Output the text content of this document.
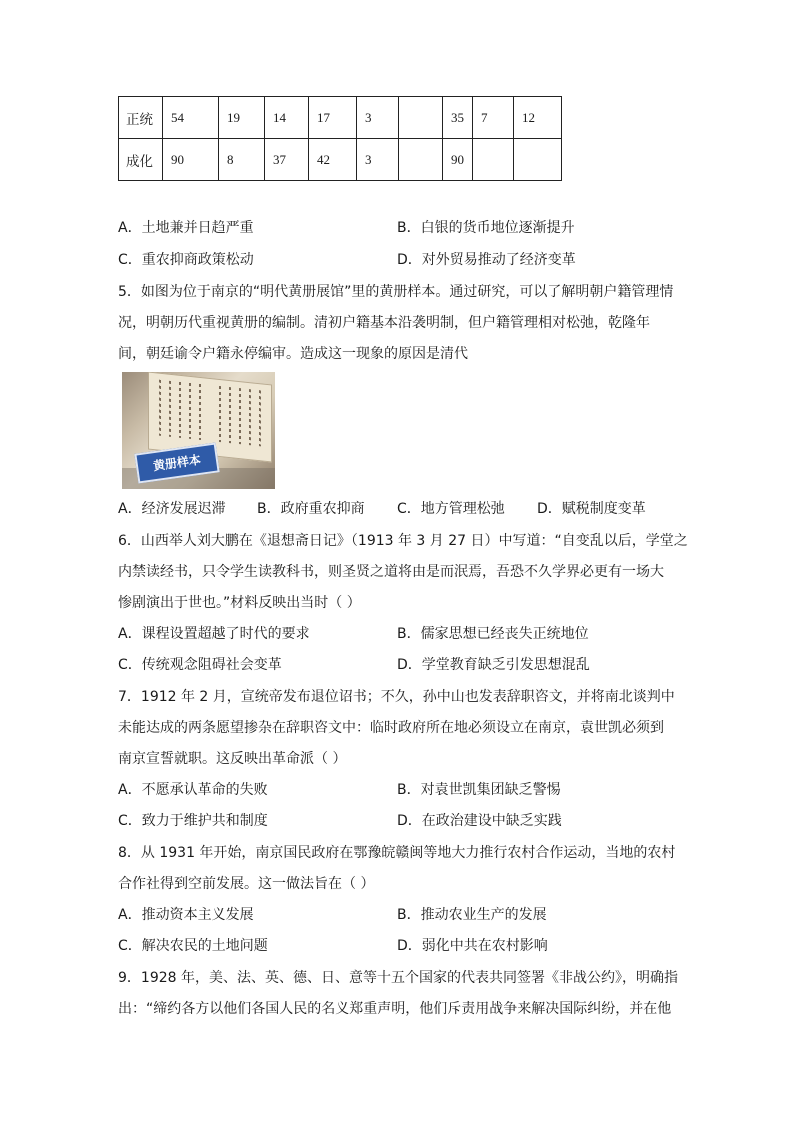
正统	54	19	14	17	3		35	7	12
成化	90	8	37	42	3		90		
A．土地兼并日趋严重	B．白银的货币地位逐渐提升
C．重农抑商政策松动	D．对外贸易推动了经济变革
5．如图为位于南京的“明代黄册展馆”里的黄册样本。通过研究，可以了解明朝户籍管理情
况，明朝历代重视黄册的编制。清初户籍基本沿袭明制，但户籍管理相对松弛，乾隆年
间，朝廷谕令户籍永停编审。造成这一现象的原因是清代
黄册样本
A．经济发展迟滞 B．政府重农抑商 C．地方管理松弛 D．赋税制度变革
6．山西举人刘大鹏在《退想斋日记》（1913 年 3 月 27 日）中写道：“自变乱以后，学堂之
内禁读经书，只令学生读教科书，则圣贤之道将由是而泯焉，吾恐不久学界必更有一场大
惨剧演出于世也。”材料反映出当时（ ）
A．课程设置超越了时代的要求	B．儒家思想已经丧失正统地位
C．传统观念阻碍社会变革	D．学堂教育缺乏引发思想混乱
7．1912 年 2 月，宣统帝发布退位诏书；不久，孙中山也发表辞职咨文，并将南北谈判中
未能达成的两条愿望掺杂在辞职咨文中：临时政府所在地必须设立在南京，袁世凯必须到
南京宣誓就职。这反映出革命派（ ）
A．不愿承认革命的失败	B．对袁世凯集团缺乏警惕
C．致力于维护共和制度	D．在政治建设中缺乏实践
8．从 1931 年开始，南京国民政府在鄂豫皖赣闽等地大力推行农村合作运动，当地的农村
合作社得到空前发展。这一做法旨在（ ）
A．推动资本主义发展	B．推动农业生产的发展
C．解决农民的土地问题	D．弱化中共在农村影响
9．1928 年，美、法、英、德、日、意等十五个国家的代表共同签署《非战公约》，明确指
出：“缔约各方以他们各国人民的名义郑重声明，他们斥责用战争来解决国际纠纷，并在他
